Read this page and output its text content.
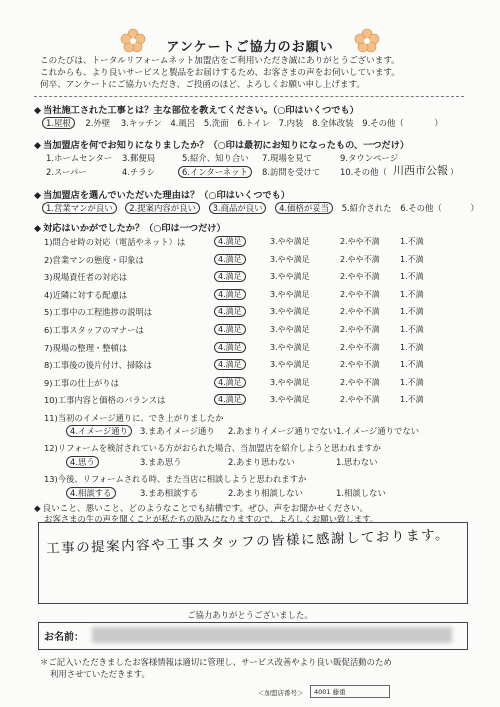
アンケートご協力のお願い
このたびは、トータルリフォームネット加盟店をご利用いただき誠にありがとうございます。
これからも、より良いサービスと製品をお届けするため、お客さまの声をお伺いしています。
何卒、アンケートにご協力いただき、ご投函のほど、よろしくお願い申し上げます。
◆ 当社施工された工事とは？主な部位を教えてください。（○印はいくつでも）
1.屋根 2.外壁 3.キッチン 4.風呂 5.洗面 6.トイレ 7.内装 8.全体改装 9.その他（	）
◆ 当加盟店を何でお知りになりましたか？（○印は最初にお知りになったもの、一つだけ）
1.ホームセンター 3.郵便局	5.紹介、知り合い 7.現場を見て	9.タウンページ
2.スーパー	4.チラシ	6.インターネット	8.訪問を受けて 10.その他（ 川西市公報 ）
◆ 当加盟店を選んでいただいた理由は？（○印はいくつでも）
1.営業マンが良い 2.提案内容が良い 3.商品が良い 4.価格が妥当 5.紹介された 6.その他（	）
◆ 対応はいかがでしたか？（○印は一つだけ）
1)問合せ時の対応（電話やネット）は	4.満足	3.やや満足	2.やや不満	1.不満
2)営業マンの態度・印象は	4.満足	3.やや満足	2.やや不満	1.不満
3)現場責任者の対応は	4.満足	3.やや満足	2.やや不満	1.不満
4)近隣に対する配慮は	4.満足	3.やや満足	2.やや不満	1.不満
5)工事中の工程進捗の説明は	4.満足	3.やや満足	2.やや不満	1.不満
6)工事スタッフのマナーは	4.満足	3.やや満足	2.やや不満	1.不満
7)現場の整理・整頓は	4.満足	3.やや満足	2.やや不満	1.不満
8)工事後の後片付け、掃除は	4.満足	3.やや満足	2.やや不満	1.不満
9)工事の仕上がりは	4.満足	3.やや満足	2.やや不満	1.不満
10)工事内容と価格のバランスは	4.満足	3.やや満足	2.やや不満	1.不満
11)当初のイメージ通りに、でき上がりましたか
4.イメージ通り	3.まあイメージ通り 2.あまりイメージ通りでない 1.イメージ通りでない
12)リフォームを検討されている方がおられた場合、当加盟店を紹介しようと思われますか
4.思う	3.まあ思う	2.あまり思わない	1.思わない
13)今後、リフォームされる時、また当店に相談しようと思われますか
4.相談する	3.まあ相談する	2.あまり相談しない	1.相談しない
◆ 良いこと、悪いこと、どのようなことでも結構です。ぜひ、声をお聞かせください。
お客さまの生の声を聞くことが私たちの励みになりますので、よろしくお願い致します。
工事の提案内容や工事スタッフの皆様に感謝しております。
ご協力ありがとうございました。
お名前：
＊ご記入いただきましたお客様情報は適切に管理し、サービス改善やより良い販促活動のため
利用させていただきます。
＜加盟店番号＞	4001 藤重
